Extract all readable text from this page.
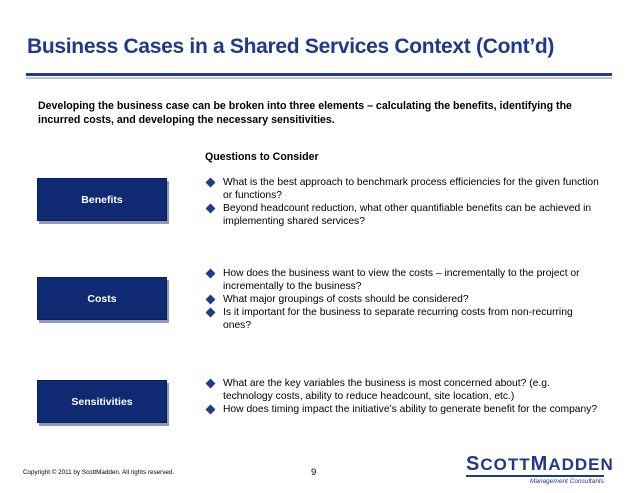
Business Cases in a Shared Services Context (Cont’d)
Developing the business case can be broken into three elements – calculating the benefits, identifying the incurred costs, and developing the necessary sensitivities.
Questions to Consider
Benefits
What is the best approach to benchmark process efficiencies for the given function or functions?
Beyond headcount reduction, what other quantifiable benefits can be achieved in implementing shared services?
Costs
How does the business want to view the costs – incrementally to the project or incrementally to the business?
What major groupings of costs should be considered?
Is it important for the business to separate recurring costs from non-recurring ones?
Sensitivities
What are the key variables the business is most concerned about? (e.g. technology costs, ability to reduce headcount, site location, etc.)
How does timing impact the initiative’s ability to generate benefit for the company?
Copyright © 2011 by ScottMadden. All rights reserved.	9	SCOTTMADDEN
Management Consultants
